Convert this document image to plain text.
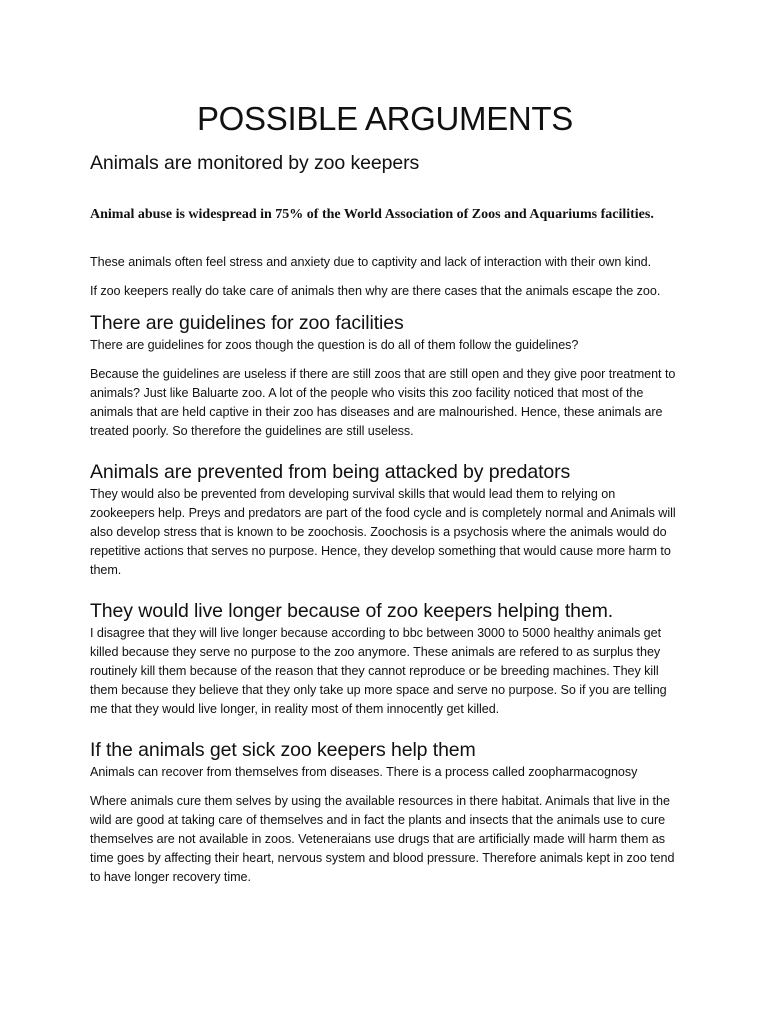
POSSIBLE ARGUMENTS
Animals are monitored by zoo keepers

Animal abuse is widespread in 75% of the World Association of Zoos and Aquariums facilities.

These animals often feel stress and anxiety due to captivity and lack of interaction with their own kind.

If zoo keepers really do take care of animals then why are there cases that the animals escape the zoo.

There are guidelines for zoo facilities

There are guidelines for zoos though the question is do all of them follow the guidelines?

Because the guidelines are useless if there are still zoos that are still open and they give poor treatment to animals? Just like Baluarte zoo. A lot of the people who visits this zoo facility noticed that most of the animals that are held captive in their zoo has diseases and are malnourished. Hence, these animals are treated poorly. So therefore the guidelines are still useless.

Animals are prevented from being attacked by predators

They would also be prevented from developing survival skills that would lead them to relying on zookeepers help. Preys and predators are part of the food cycle and is completely normal and Animals will also develop stress that is known to be zoochosis. Zoochosis is a psychosis where the animals would do repetitive actions that serves no purpose. Hence, they develop something that would cause more harm to them.

They would live longer because of zoo keepers helping them.

I disagree that they will live longer because according to bbc between 3000 to 5000 healthy animals get killed because they serve no purpose to the zoo anymore. These animals are refered to as surplus they routinely kill them because of the reason that they cannot reproduce or be breeding machines. They kill them because they believe that they only take up more space and serve no purpose. So if you are telling me that they would live longer, in reality most of them innocently get killed.

If the animals get sick zoo keepers help them

Animals can recover from themselves from diseases. There is a process called zoopharmacognosy

Where animals cure them selves by using the available resources in there habitat. Animals that live in the wild are good at taking care of themselves and in fact the plants and insects that the animals use to cure themselves are not available in zoos. Veteneraians use drugs that are artificially made will harm them as time goes by affecting their heart, nervous system and blood pressure. Therefore animals kept in zoo tend to have longer recovery time.
